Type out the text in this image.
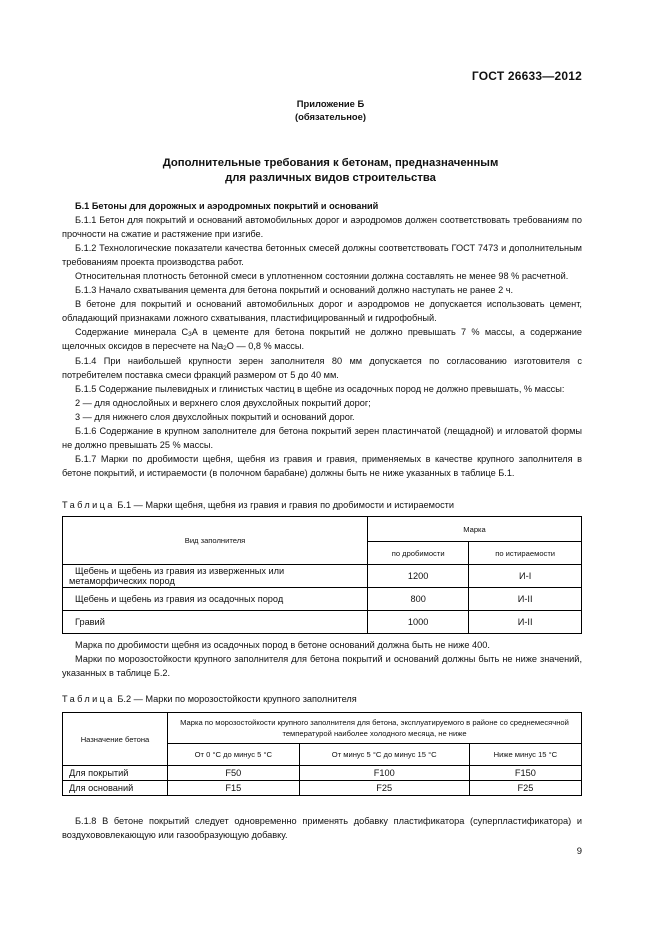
ГОСТ 26633—2012
Приложение Б
(обязательное)
Дополнительные требования к бетонам, предназначенным
для различных видов строительства

Б.1 Бетоны для дорожных и аэродромных покрытий и оснований

Б.1.1 Бетон для покрытий и оснований автомобильных дорог и аэродромов должен соответствовать требованиям по прочности на сжатие и растяжение при изгибе.

Б.1.2 Технологические показатели качества бетонных смесей должны соответствовать ГОСТ 7473 и дополнительным требованиям проекта производства работ.

Относительная плотность бетонной смеси в уплотненном состоянии должна составлять не менее 98 % расчетной.

Б.1.3 Начало схватывания цемента для бетона покрытий и оснований должно наступать не ранее 2 ч.

В бетоне для покрытий и оснований автомобильных дорог и аэродромов не допускается использовать цемент, обладающий признаками ложного схватывания, пластифицированный и гидрофобный.

Содержание минерала $C_3A$ в цементе для бетона покрытий не должно превышать 7 % массы, а содержание щелочных оксидов в пересчете на $Na_2O$ — 0,8 % массы.

Б.1.4 При наибольшей крупности зерен заполнителя 80 мм допускается по согласованию изготовителя с потребителем поставка смеси фракций размером от 5 до 40 мм.

Б.1.5 Содержание пылевидных и глинистых частиц в щебне из осадочных пород не должно превышать, % массы:

2 — для однослойных и верхнего слоя двухслойных покрытий дорог;

3 — для нижнего слоя двухслойных покрытий и оснований дорог.

Б.1.6 Содержание в крупном заполнителе для бетона покрытий зерен пластинчатой (лещадной) и игловатой формы не должно превышать 25 % массы.

Б.1.7 Марки по дробимости щебня, щебня из гравия и гравия, применяемых в качестве крупного заполнителя в бетоне покрытий, и истираемости (в полочном барабане) должны быть не ниже указанных в таблице Б.1.

Таблица Б.1 — Марки щебня, щебня из гравия и гравия по дробимости и истираемости
Вид заполнителя	Марка	
	по дробимости	по истираемости
Щебень и щебень из гравия из изверженных или метаморфических пород	1200	И-I
Щебень и щебень из гравия из осадочных пород	800	И-II
Гравий	1000	И-II

Марка по дробимости щебня из осадочных пород в бетоне оснований должна быть не ниже 400.

Марки по морозостойкости крупного заполнителя для бетона покрытий и оснований должны быть не ниже значений, указанных в таблице Б.2.

Таблица Б.2 — Марки по морозостойкости крупного заполнителя
Назначение бетона	Марка по морозостойкости крупного заполнителя для бетона, эксплуатируемого в районе со среднемесячной температурой наиболее холодного месяца, не ниже		
	От 0 °С до минус 5 °С	От минус 5 °С до минус 15 °С	Ниже минус 15 °С
Для покрытий	F50	F100	F150
Для оснований	F15	F25	F25

Б.1.8 В бетоне покрытий следует одновременно применять добавку пластификатора (суперпластификатора) и воздухововлекающую или газообразующую добавку.

9
